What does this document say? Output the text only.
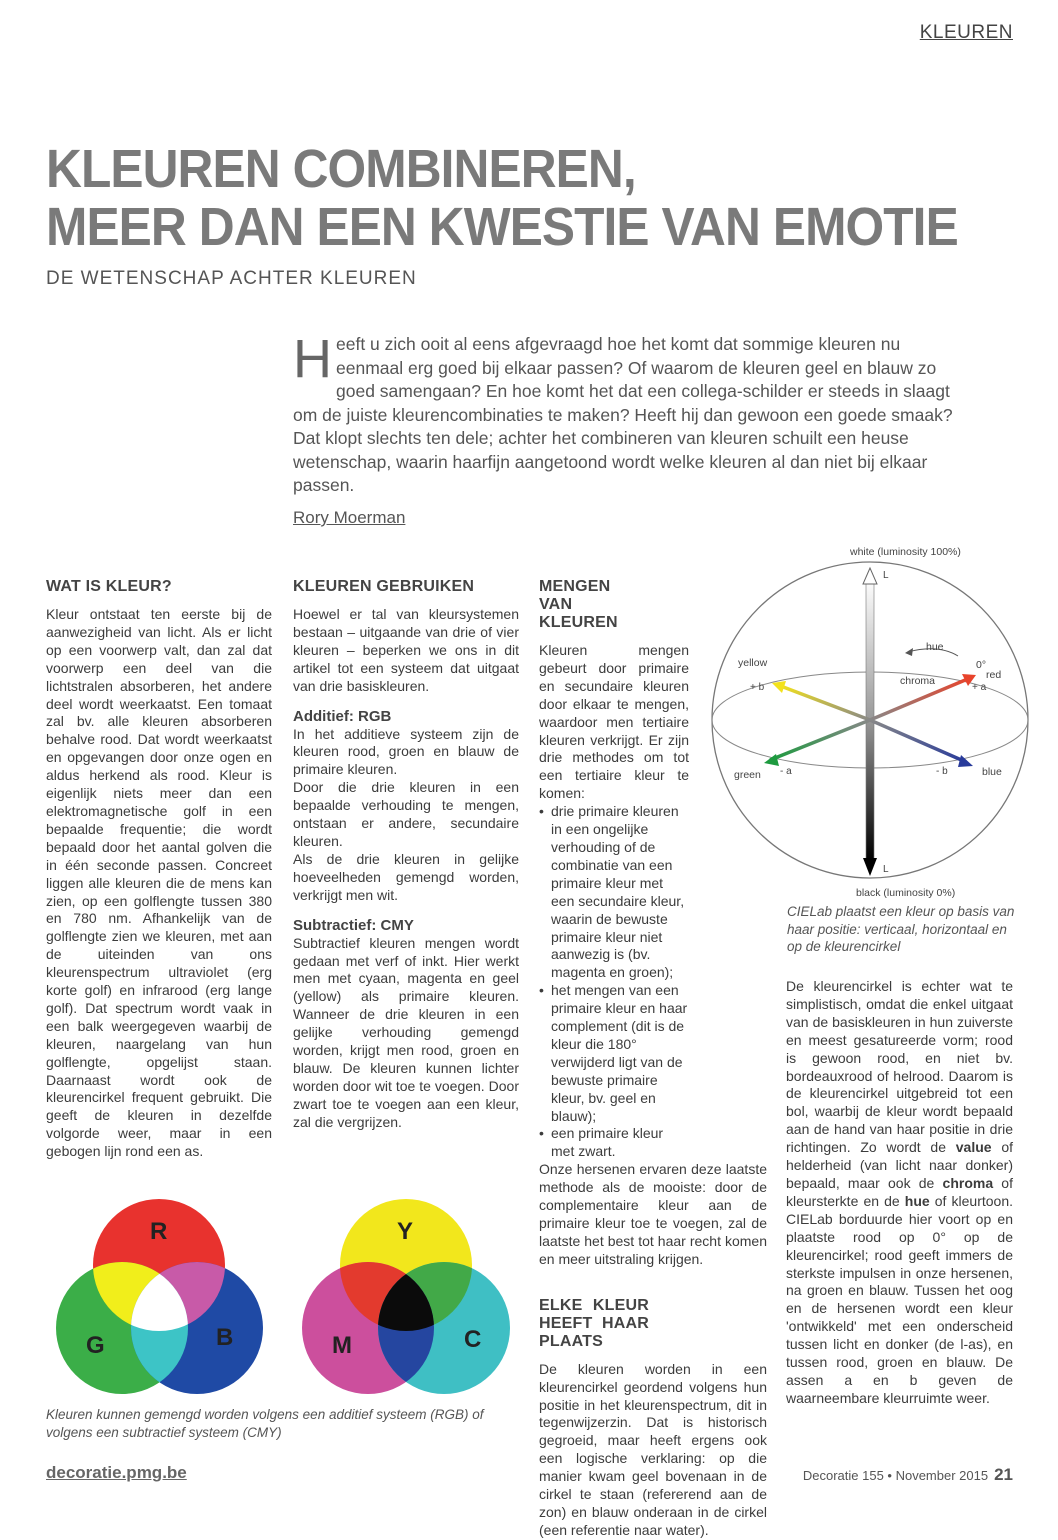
KLEUREN
KLEUREN COMBINEREN,
MEER DAN EEN KWESTIE VAN EMOTIE
DE WETENSCHAP ACHTER KLEUREN
Heeft u zich ooit al eens afgevraagd hoe het komt dat sommige kleuren nu eenmaal erg goed bij elkaar passen? Of waarom de kleuren geel en blauw zo goed samengaan? En hoe komt het dat een collega-schilder er steeds in slaagt om de juiste kleurencombinaties te maken? Heeft hij dan gewoon een goede smaak? Dat klopt slechts ten dele; achter het combineren van kleuren schuilt een heuse wetenschap, waarin haarfijn aangetoond wordt welke kleuren al dan niet bij elkaar passen.
Rory Moerman
white (luminosity 100%)
L
L
black (luminosity 0%)
hue
chroma
0°
red
+ a
yellow
+ b
green - a	blue
- b
CIELab plaatst een kleur op basis van haar positie: verticaal, horizontaal en op de kleurencirkel
WAT IS KLEUR?

Kleur ontstaat ten eerste bij de aanwezigheid van licht. Als er licht op een voorwerp valt, dan zal dat voorwerp een deel van die lichtstralen absorberen, het andere deel wordt weerkaatst. Een tomaat zal bv. alle kleuren absorberen behalve rood. Dat wordt weerkaatst en opgevangen door onze ogen en aldus herkend als rood. Kleur is eigenlijk niets meer dan een elektromagnetische golf in een bepaalde frequentie; die wordt bepaald door het aantal golven die in één seconde passen. Concreet liggen alle kleuren die de mens kan zien, op een golflengte tussen 380 en 780 nm. Afhankelijk van de golflengte zien we kleuren, met aan de uiteinden van ons kleurenspectrum ultraviolet (erg korte golf) en infrarood (erg lange golf). Dat spectrum wordt vaak in een balk weergegeven waarbij de kleuren, naargelang van hun golflengte, opgelijst staan. Daarnaast wordt ook de kleurencirkel frequent gebruikt. Die geeft de kleuren in dezelfde volgorde weer, maar in een gebogen lijn rond een as.

KLEUREN GEBRUIKEN

Hoewel er tal van kleursystemen bestaan – uitgaande van drie of vier kleuren – beperken we ons in dit artikel tot een systeem dat uitgaat van drie basiskleuren.

Additief: RGB

In het additieve systeem zijn de kleuren rood, groen en blauw de primaire kleuren.

Door die drie kleuren in een bepaalde verhouding te mengen, ontstaan er andere, secundaire kleuren.

Als de drie kleuren in gelijke hoeveelheden gemengd worden, verkrijgt men wit.

Subtractief: CMY

Subtractief kleuren mengen wordt gedaan met verf of inkt. Hier werkt men met cyaan, magenta en geel (yellow) als primaire kleuren. Wanneer de drie kleuren in een gelijke verhouding gemengd worden, krijgt men rood, groen en blauw. De kleuren kunnen lichter worden door wit toe te voegen. Door zwart toe te voegen aan een kleur, zal die vergrijzen.

MENGEN VAN KLEUREN

Kleuren mengen gebeurt door primaire en secundaire kleuren door elkaar te mengen, waardoor men tertiaire kleuren verkrijgt. Er zijn drie methodes om tot een tertiaire kleur te komen:

• drie primaire kleuren in een ongelijke verhouding of de combinatie van een primaire kleur met een secundaire kleur, waarin de bewuste primaire kleur niet aanwezig is (bv. magenta en groen);
• het mengen van een primaire kleur en haar complement (dit is de kleur die 180° verwijderd ligt van de bewuste primaire kleur, bv. geel en blauw);
• een primaire kleur met zwart.

Onze hersenen ervaren deze laatste methode als de mooiste: door de complementaire kleur aan de primaire kleur toe te voegen, zal de laatste het best tot haar recht komen en meer uitstraling krijgen.

ELKE KLEUR HEEFT HAAR PLAATS

De kleuren worden in een kleurencirkel geordend volgens hun positie in het kleurenspectrum, dit in tegenwijzerzin. Dat is historisch gegroeid, maar heeft ergens ook een logische verklaring: op die manier kwam geel bovenaan in de cirkel te staan (refererend aan de zon) en blauw onderaan in de cirkel (een referentie naar water).

De kleurencirkel is echter wat te simplistisch, omdat die enkel uitgaat van de basiskleuren in hun zuiverste en meest gesatureerde vorm; rood is gewoon rood, en niet bv. bordeauxrood of helrood. Daarom is de kleurencirkel uitgebreid tot een bol, waarbij de kleur wordt bepaald aan de hand van haar positie in drie richtingen. Zo wordt de value of helderheid (van licht naar donker) bepaald, maar ook de chroma of kleursterkte en de hue of kleurtoon. CIELab borduurde hier voort op en plaatste rood op 0° op de kleurencirkel; rood geeft immers de sterkste impulsen in onze hersenen, na groen en blauw. Tussen het oog en de hersenen wordt een kleur 'ontwikkeld' met een onderscheid tussen licht en donker (de l-as), en tussen rood, groen en blauw. De assen a en b geven de waarneembare kleurruimte weer.

R
G	B
Y
M	C
Kleuren kunnen gemengd worden volgens een additief systeem (RGB) of volgens een subtractief systeem (CMY)
decoratie.pmg.be	Decoratie 155 • November 2015 21
